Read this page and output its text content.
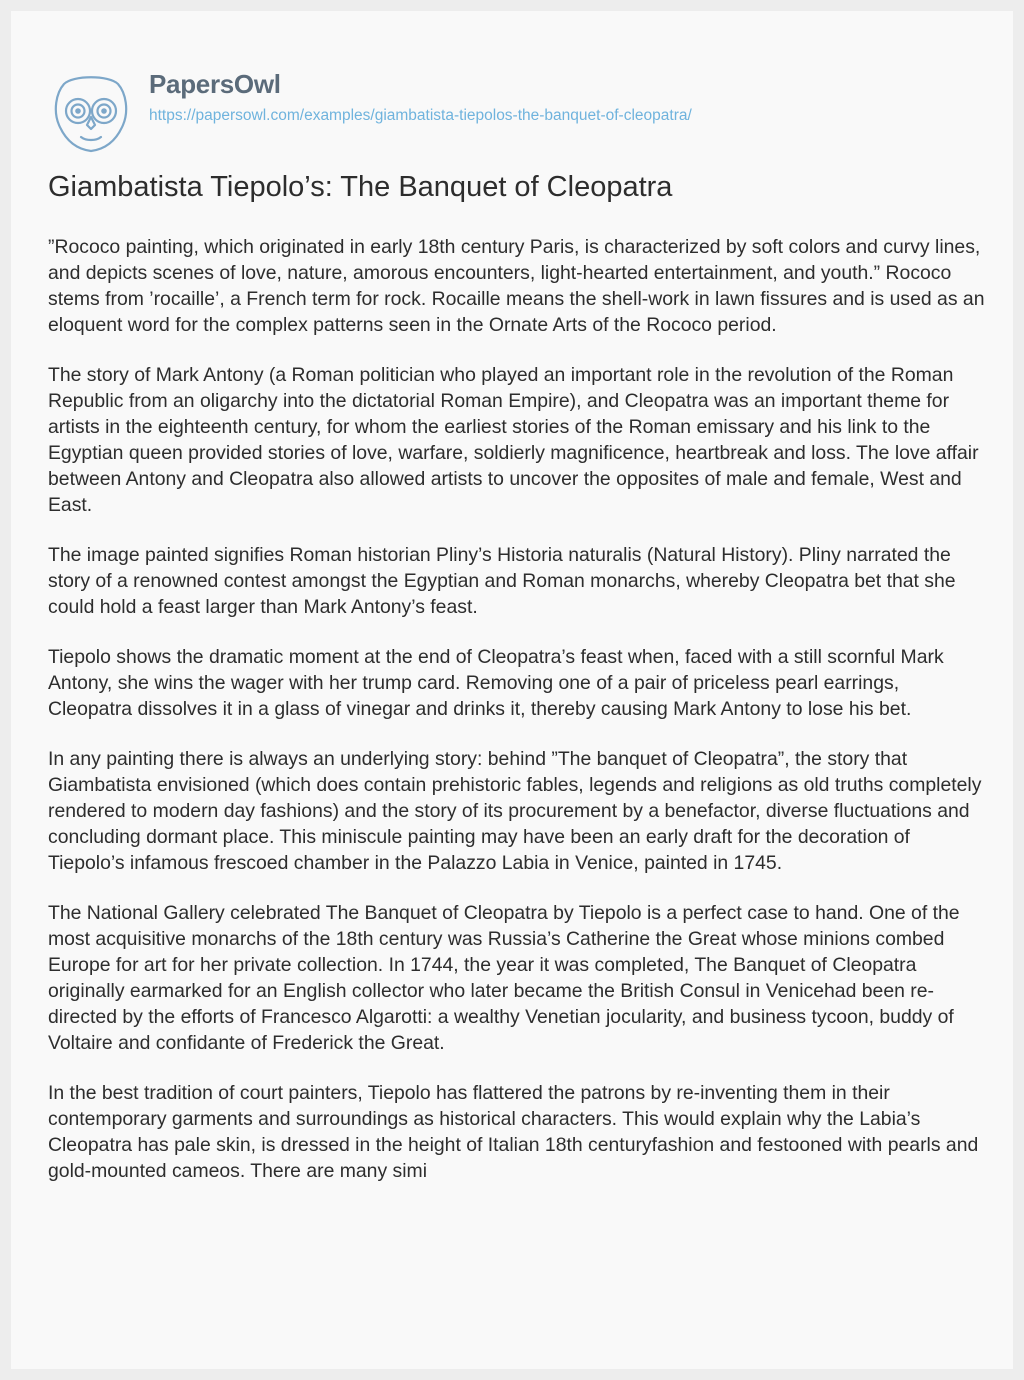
PapersOwl
https://papersowl.com/examples/giambatista-tiepolos-the-banquet-of-cleopatra/
Giambatista Tiepolo’s: The Banquet of Cleopatra

”Rococo painting, which originated in early 18th century Paris, is characterized by soft colors and curvy lines, and depicts scenes of love, nature, amorous encounters, light-hearted entertainment, and youth.” Rococo stems from ’rocaille’, a French term for rock. Rocaille means the shell-work in lawn fissures and is used as an eloquent word for the complex patterns seen in the Ornate Arts of the Rococo period.

The story of Mark Antony (a Roman politician who played an important role in the revolution of the Roman Republic from an oligarchy into the dictatorial Roman Empire), and Cleopatra was an important theme for artists in the eighteenth century, for whom the earliest stories of the Roman emissary and his link to the Egyptian queen provided stories of love, warfare, soldierly magnificence, heartbreak and loss. The love affair between Antony and Cleopatra also allowed artists to uncover the opposites of male and female, West and East.

The image painted signifies Roman historian Pliny’s Historia naturalis (Natural History). Pliny narrated the story of a renowned contest amongst the Egyptian and Roman monarchs, whereby Cleopatra bet that she could hold a feast larger than Mark Antony’s feast.

Tiepolo shows the dramatic moment at the end of Cleopatra’s feast when, faced with a still scornful Mark Antony, she wins the wager with her trump card. Removing one of a pair of priceless pearl earrings, Cleopatra dissolves it in a glass of vinegar and drinks it, thereby causing Mark Antony to lose his bet.

In any painting there is always an underlying story: behind ”The banquet of Cleopatra”, the story that Giambatista envisioned (which does contain prehistoric fables, legends and religions as old truths completely rendered to modern day fashions) and the story of its procurement by a benefactor, diverse fluctuations and concluding dormant place. This miniscule painting may have been an early draft for the decoration of Tiepolo’s infamous frescoed chamber in the Palazzo Labia in Venice, painted in 1745.

The National Gallery celebrated The Banquet of Cleopatra by Tiepolo is a perfect case to hand. One of the most acquisitive monarchs of the 18th century was Russia’s Catherine the Great whose minions combed Europe for art for her private collection. In 1744, the year it was completed, The Banquet of Cleopatra originally earmarked for an English collector who later became the British Consul in Venicehad been re-directed by the efforts of Francesco Algarotti: a wealthy Venetian jocularity, and business tycoon, buddy of Voltaire and confidante of Frederick the Great.

In the best tradition of court painters, Tiepolo has flattered the patrons by re-inventing them in their contemporary garments and surroundings as historical characters. This would explain why the Labia’s Cleopatra has pale skin, is dressed in the height of Italian 18th centuryfashion and festooned with pearls and gold-mounted cameos. There are many simi
